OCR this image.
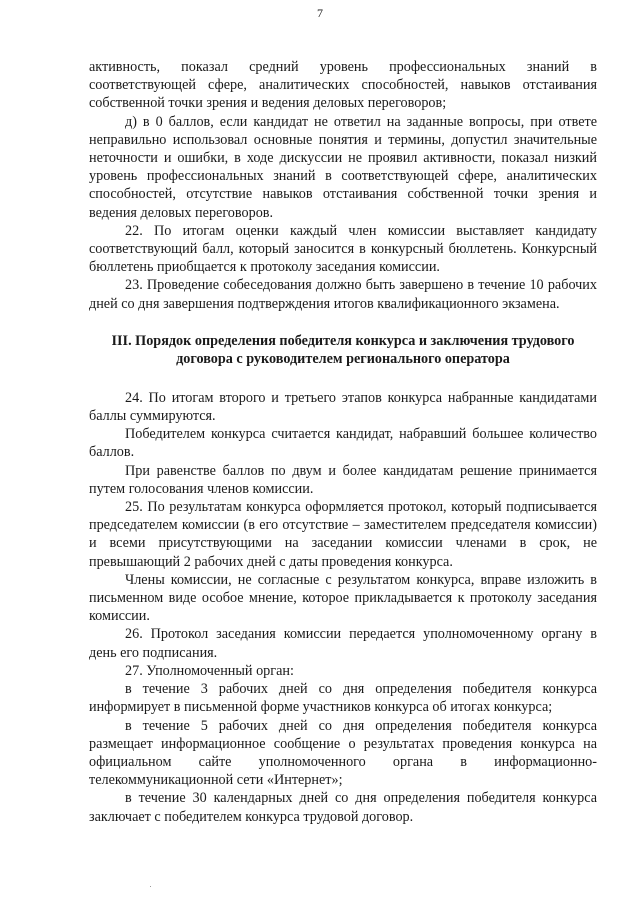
7

активность, показал средний уровень профессиональных знаний в соответствующей сфере, аналитических способностей, навыков отстаивания собственной точки зрения и ведения деловых переговоров;

д) в 0 баллов, если кандидат не ответил на заданные вопросы, при ответе неправильно использовал основные понятия и термины, допустил значительные неточности и ошибки, в ходе дискуссии не проявил активности, показал низкий уровень профессиональных знаний в соответствующей сфере, аналитических способностей, отсутствие навыков отстаивания собственной точки зрения и ведения деловых переговоров.

22. По итогам оценки каждый член комиссии выставляет кандидату соответствующий балл, который заносится в конкурсный бюллетень. Конкурсный бюллетень приобщается к протоколу заседания комиссии.

23. Проведение собеседования должно быть завершено в течение 10 рабочих дней со дня завершения подтверждения итогов квалификационного экзамена.

III. Порядок определения победителя конкурса и заключения трудового договора с руководителем регионального оператора

24. По итогам второго и третьего этапов конкурса набранные кандидатами баллы суммируются.

Победителем конкурса считается кандидат, набравший большее количество баллов.

При равенстве баллов по двум и более кандидатам решение принимается путем голосования членов комиссии.

25. По результатам конкурса оформляется протокол, который подписывается председателем комиссии (в его отсутствие – заместителем председателя комиссии) и всеми присутствующими на заседании комиссии членами в срок, не превышающий 2 рабочих дней с даты проведения конкурса.

Члены комиссии, не согласные с результатом конкурса, вправе изложить в письменном виде особое мнение, которое прикладывается к протоколу заседания комиссии.

26. Протокол заседания комиссии передается уполномоченному органу в день его подписания.

27. Уполномоченный орган:

в течение 3 рабочих дней со дня определения победителя конкурса информирует в письменной форме участников конкурса об итогах конкурса;

в течение 5 рабочих дней со дня определения победителя конкурса размещает информационное сообщение о результатах проведения конкурса на официальном сайте уполномоченного органа в информационно-телекоммуникационной сети «Интернет»;

в течение 30 календарных дней со дня определения победителя конкурса заключает с победителем конкурса трудовой договор.
